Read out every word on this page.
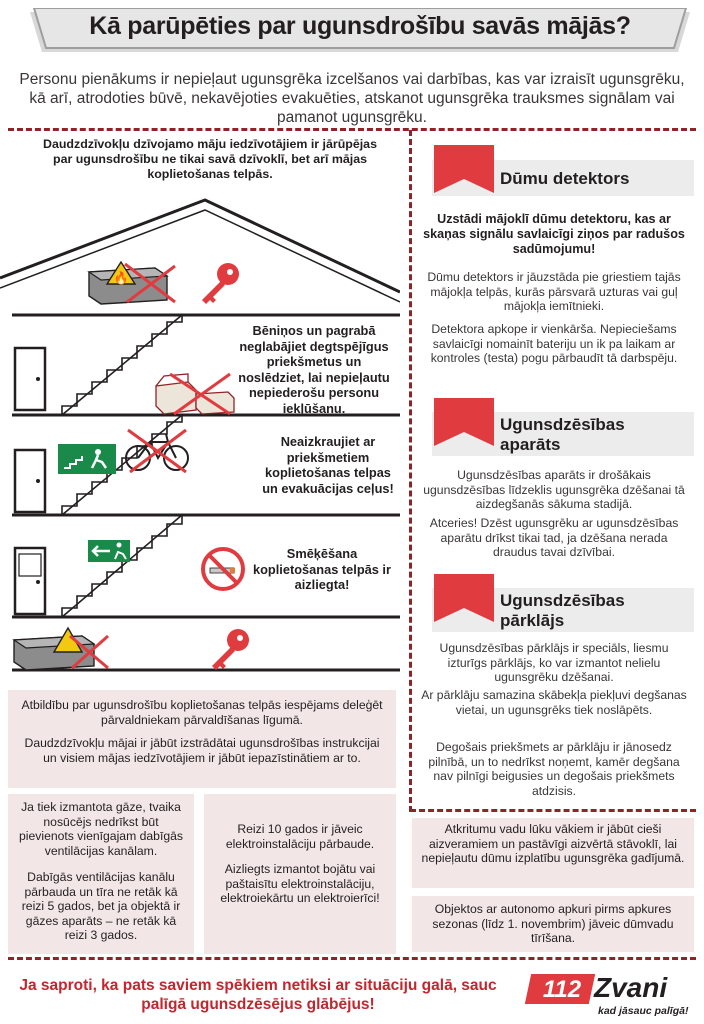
Kā parūpēties par ugunsdrošību savās mājās?
Personu pienākums ir nepieļaut ugunsgrēka izcelšanos vai darbības, kas var izraisīt ugunsgrēku, kā arī, atrodoties būvē, nekavējoties evakuēties, atskanot ugunsgrēka trauksmes signālam vai pamanot ugunsgrēku.
Daudzdzīvokļu dzīvojamo māju iedzīvotājiem ir jārūpējas par ugunsdrošību ne tikai savā dzīvoklī, bet arī mājas koplietošanas telpās.
🔥
Bēniņos un pagrabā neglabājiet degtspējīgus priekšmetus un noslēdziet, lai nepieļautu nepiederošu personu iekļūšanu.
Neaizkraujiet ar priekšmetiem koplietošanas telpas un evakuācijas ceļus!
Smēķēšana koplietošanas telpās ir aizliegta!
Atbildību par ugunsdrošību koplietošanas telpās iespējams deleģēt pārvaldniekam pārvaldīšanas līgumā.
Daudzdzīvokļu mājai ir jābūt izstrādātai ugunsdrošības instrukcijai un visiem mājas iedzīvotājiem ir jābūt iepazīstinātiem ar to.
Ja tiek izmantota gāze, tvaika nosūcējs nedrīkst būt pievienots vienīgajam dabīgās ventilācijas kanālam.
Dabīgās ventilācijas kanālu pārbauda un tīra ne retāk kā reizi 5 gados, bet ja objektā ir gāzes aparāts – ne retāk kā reizi 3 gados.
Reizi 10 gados ir jāveic elektroinstalāciju pārbaude.
Aizliegts izmantot bojātu vai paštaisītu elektroinstalāciju, elektroiekārtu un elektroierīci!
Dūmu detektors
Uzstādi mājoklī dūmu detektoru, kas ar skaņas signālu savlaicīgi ziņos par radušos sadūmojumu!
Dūmu detektors ir jāuzstāda pie griestiem tajās mājokļa telpās, kurās pārsvarā uzturas vai guļ mājokļa iemītnieki.
Detektora apkope ir vienkārša. Nepieciešams savlaicīgi nomainīt bateriju un ik pa laikam ar kontroles (testa) pogu pārbaudīt tā darbspēju.
Ugunsdzēsības
aparāts
Ugunsdzēsības aparāts ir drošākais ugunsdzēsības līdzeklis ugunsgrēka dzēšanai tā aizdegšanās sākuma stadijā.
Atceries! Dzēst ugunsgrēku ar ugunsdzēsības aparātu drīkst tikai tad, ja dzēšana nerada draudus tavai dzīvībai.
Ugunsdzēsības
pārklājs
Ugunsdzēsības pārklājs ir speciāls, liesmu izturīgs pārklājs, ko var izmantot nelielu ugunsgrēku dzēšanai.
Ar pārklāju samazina skābekļa piekļuvi degšanas vietai, un ugunsgrēks tiek noslāpēts.
Degošais priekšmets ar pārklāju ir jānosedz pilnībā, un to nedrīkst noņemt, kamēr degšana nav pilnīgi beigusies un degošais priekšmets atdzisis.
Atkritumu vadu lūku vākiem ir jābūt cieši aizveramiem un pastāvīgi aizvērtā stāvoklī, lai nepieļautu dūmu izplatību ugunsgrēka gadījumā.
Objektos ar autonomo apkuri pirms apkures sezonas (līdz 1. novembrim) jāveic dūmvadu tīrīšana.
Ja saproti, ka pats saviem spēkiem netiksi ar situāciju galā, sauc palīgā ugunsdzēsējus glābējus!
112 Zvani
kad jāsauc palīgā!
